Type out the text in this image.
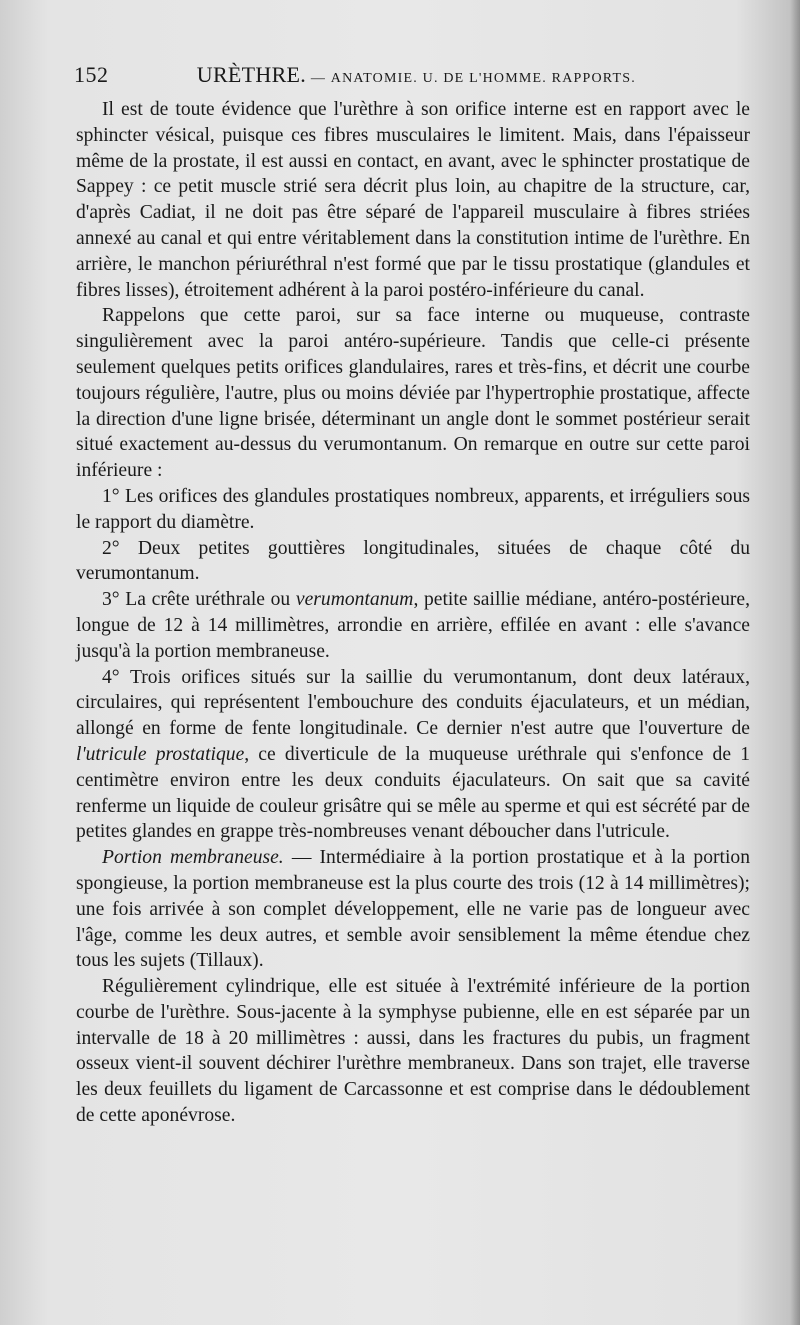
152	URÈTHRE. — ANATOMIE. U. DE L'HOMME. RAPPORTS.

Il est de toute évidence que l'urèthre à son orifice interne est en rapport avec le sphincter vésical, puisque ces fibres musculaires le limitent. Mais, dans l'épaisseur même de la prostate, il est aussi en contact, en avant, avec le sphincter prostatique de Sappey : ce petit muscle strié sera décrit plus loin, au chapitre de la structure, car, d'après Cadiat, il ne doit pas être séparé de l'appareil musculaire à fibres striées annexé au canal et qui entre véritablement dans la constitution intime de l'urèthre. En arrière, le manchon périuréthral n'est formé que par le tissu prostatique (glandules et fibres lisses), étroitement adhérent à la paroi postéro-inférieure du canal.

Rappelons que cette paroi, sur sa face interne ou muqueuse, contraste singulièrement avec la paroi antéro-supérieure. Tandis que celle-ci présente seulement quelques petits orifices glandulaires, rares et très-fins, et décrit une courbe toujours régulière, l'autre, plus ou moins déviée par l'hypertrophie prostatique, affecte la direction d'une ligne brisée, déterminant un angle dont le sommet postérieur serait situé exactement au-dessus du verumontanum. On remarque en outre sur cette paroi inférieure :

1° Les orifices des glandules prostatiques nombreux, apparents, et irréguliers sous le rapport du diamètre.

2° Deux petites gouttières longitudinales, situées de chaque côté du verumontanum.

3° La crête uréthrale ou verumontanum, petite saillie médiane, antéro-postérieure, longue de 12 à 14 millimètres, arrondie en arrière, effilée en avant : elle s'avance jusqu'à la portion membraneuse.

4° Trois orifices situés sur la saillie du verumontanum, dont deux latéraux, circulaires, qui représentent l'embouchure des conduits éjaculateurs, et un médian, allongé en forme de fente longitudinale. Ce dernier n'est autre que l'ouverture de l'utricule prostatique, ce diverticule de la muqueuse uréthrale qui s'enfonce de 1 centimètre environ entre les deux conduits éjaculateurs. On sait que sa cavité renferme un liquide de couleur grisâtre qui se mêle au sperme et qui est sécrété par de petites glandes en grappe très-nombreuses venant déboucher dans l'utricule.

Portion membraneuse. — Intermédiaire à la portion prostatique et à la portion spongieuse, la portion membraneuse est la plus courte des trois (12 à 14 millimètres); une fois arrivée à son complet développement, elle ne varie pas de longueur avec l'âge, comme les deux autres, et semble avoir sensiblement la même étendue chez tous les sujets (Tillaux).

Régulièrement cylindrique, elle est située à l'extrémité inférieure de la portion courbe de l'urèthre. Sous-jacente à la symphyse pubienne, elle en est séparée par un intervalle de 18 à 20 millimètres : aussi, dans les fractures du pubis, un fragment osseux vient-il souvent déchirer l'urèthre membraneux. Dans son trajet, elle traverse les deux feuillets du ligament de Carcassonne et est comprise dans le dédoublement de cette aponévrose.
